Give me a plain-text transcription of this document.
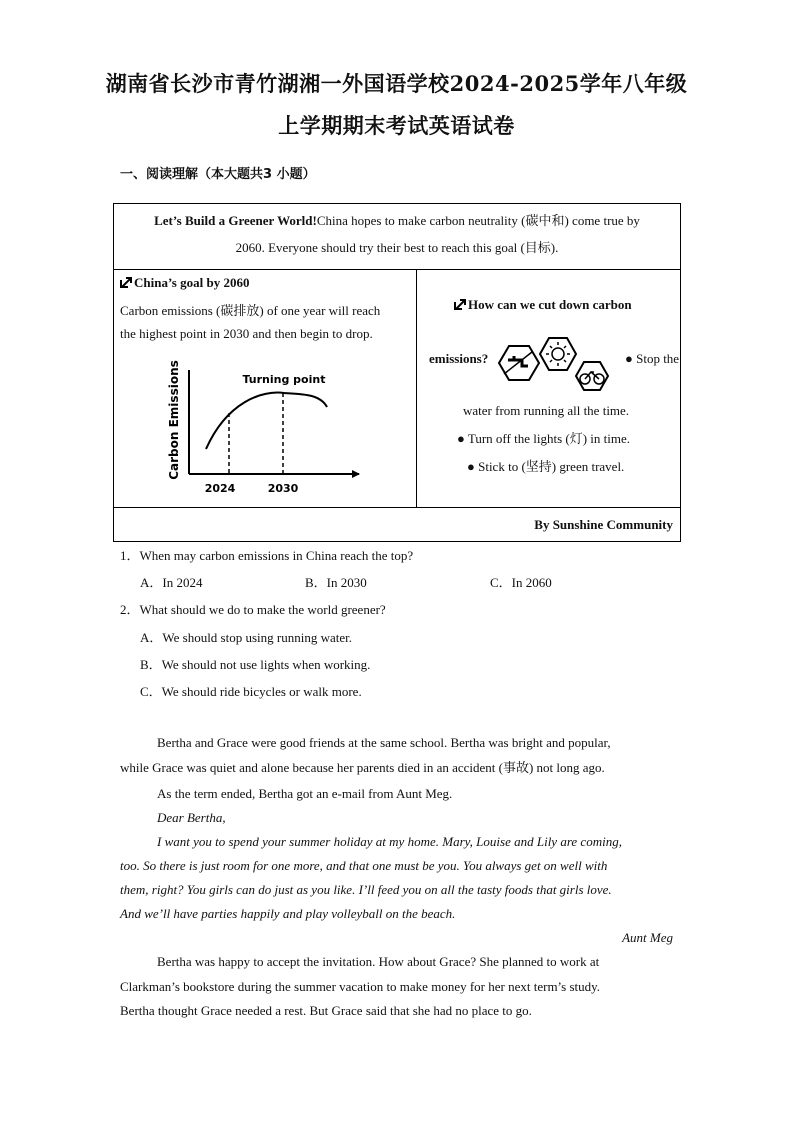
湖南省长沙市青竹湖湘一外国语学校2024-2025学年八年级
上学期期末考试英语试卷
一、阅读理解（本大题共3 小题）
Let’s Build a Greener World!China hopes to make carbon neutrality (碳中和) come true by
2060. Everyone should try their best to reach this goal (目标).
China’s goal by 2060
Carbon emissions (碳排放) of one year will reach
the highest point in 2030 and then begin to drop.
Carbon Emissions	Turning point
2024	2030
How can we cut down carbon
emissions?	● Stop the
water from running all the time.
● Turn off the lights (灯) in time.
● Stick to (坚持) green travel.
By Sunshine Community
1．When may carbon emissions in China reach the top?
A．In 2024	B．In 2030	C．In 2060
2．What should we do to make the world greener?
A．We should stop using running water.
B．We should not use lights when working.
C．We should ride bicycles or walk more.
Bertha and Grace were good friends at the same school. Bertha was bright and popular,
while Grace was quiet and alone because her parents died in an accident (事故) not long ago.
As the term ended, Bertha got an e-mail from Aunt Meg.
Dear Bertha,
I want you to spend your summer holiday at my home. Mary, Louise and Lily are coming,
too. So there is just room for one more, and that one must be you. You always get on well with
them, right? You girls can do just as you like. I’ll feed you on all the tasty foods that girls love.
And we’ll have parties happily and play volleyball on the beach.
Aunt Meg
Bertha was happy to accept the invitation. How about Grace? She planned to work at
Clarkman’s bookstore during the summer vacation to make money for her next term’s study.
Bertha thought Grace needed a rest. But Grace said that she had no place to go.
